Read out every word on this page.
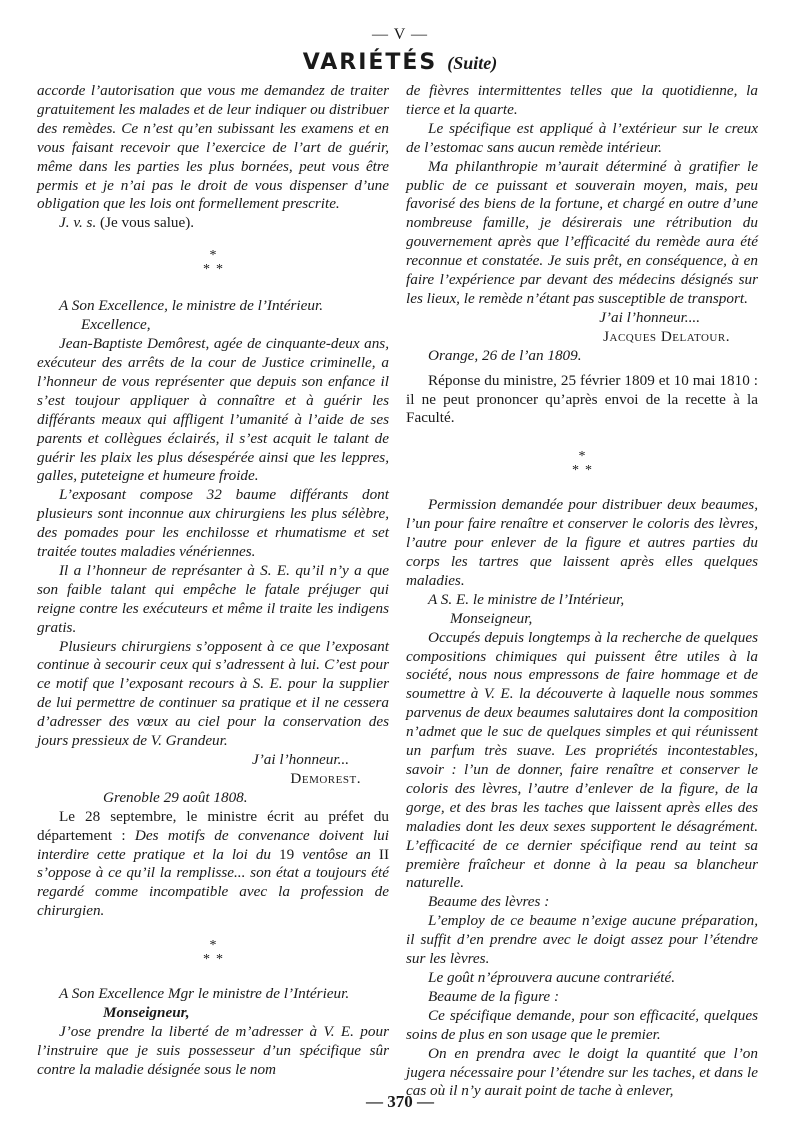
— V —
VARIÉTÉS (Suite)

accorde l’autorisation que vous me demandez de traiter gratuitement les malades et de leur indiquer ou distribuer des remèdes. Ce n’est qu’en subissant les examens et en vous faisant recevoir que l’exercice de l’art de guérir, même dans les parties les plus bornées, peut vous être permis et je n’ai pas le droit de vous dispenser d’une obligation que les lois ont formellement prescrite.

J. v. s. (Je vous salue).

*
**

A Son Excellence, le ministre de l’Intérieur.

Excellence,

Jean-Baptiste Demôrest, agée de cinquante-deux ans, exécuteur des arrêts de la cour de Justice criminelle, a l’honneur de vous représenter que depuis son enfance il s’est toujour appliquer à connaître et à guérir les différants meaux qui affligent l’umanité à l’aide de ses parents et collègues éclairés, il s’est acquit le talant de guérir les plaix les plus désespérée ainsi que les leppres, galles, puteteigne et humeure froide.

L’exposant compose 32 baume différants dont plusieurs sont inconnue aux chirurgiens les plus sélèbre, des pomades pour les enchilosse et rhumatisme et set traitée toutes maladies vénériennes.

Il a l’honneur de représanter à S. E. qu’il n’y a que son faible talant qui empêche le fatale préjuger qui reigne contre les exécuteurs et même il traite les indigens gratis.

Plusieurs chirurgiens s’opposent à ce que l’exposant continue à secourir ceux qui s’adressent à lui. C’est pour ce motif que l’exposant recours à S. E. pour la supplier de lui permettre de continuer sa pratique et il ne cessera d’adresser des vœux au ciel pour la conservation des jours pressieux de V. Grandeur.

J’ai l’honneur...

Demorest.

Grenoble 29 août 1808.

Le 28 septembre, le ministre écrit au préfet du département : Des motifs de convenance doivent lui interdire cette pratique et la loi du 19 ventôse an II s’oppose à ce qu’il la remplisse... son état a toujours été regardé comme incompatible avec la profession de chirurgien.

*
**

A Son Excellence Mgr le ministre de l’Intérieur.

Monseigneur,

J’ose prendre la liberté de m’adresser à V. E. pour l’instruire que je suis possesseur d’un spécifique sûr contre la maladie désignée sous le nom

de fièvres intermittentes telles que la quotidienne, la tierce et la quarte.

Le spécifique est appliqué à l’extérieur sur le creux de l’estomac sans aucun remède intérieur.

Ma philanthropie m’aurait déterminé à gratifier le public de ce puissant et souverain moyen, mais, peu favorisé des biens de la fortune, et chargé en outre d’une nombreuse famille, je désirerais une rétribution du gouvernement après que l’efficacité du remède aura été reconnue et constatée. Je suis prêt, en conséquence, à en faire l’expérience par devant des médecins désignés sur les lieux, le remède n’étant pas susceptible de transport.

J’ai l’honneur....

Jacques Delatour.

Orange, 26 de l’an 1809.

Réponse du ministre, 25 février 1809 et 10 mai 1810 : il ne peut prononcer qu’après envoi de la recette à la Faculté.

*
**

Permission demandée pour distribuer deux beaumes, l’un pour faire renaître et conserver le coloris des lèvres, l’autre pour enlever de la figure et autres parties du corps les tartres que laissent après elles quelques maladies.

A S. E. le ministre de l’Intérieur,

Monseigneur,

Occupés depuis longtemps à la recherche de quelques compositions chimiques qui puissent être utiles à la société, nous nous empressons de faire hommage et de soumettre à V. E. la découverte à laquelle nous sommes parvenus de deux beaumes salutaires dont la composition n’admet que le suc de quelques simples et qui réunissent un parfum très suave. Les propriétés incontestables, savoir : l’un de donner, faire renaître et conserver le coloris des lèvres, l’autre d’enlever de la figure, de la gorge, et des bras les taches que laissent après elles des maladies dont les deux sexes supportent le désagrément. L’efficacité de ce dernier spécifique rend au teint sa première fraîcheur et donne à la peau sa blancheur naturelle.

Beaume des lèvres :

L’employ de ce beaume n’exige aucune préparation, il suffit d’en prendre avec le doigt assez pour l’étendre sur les lèvres.

Le goût n’éprouvera aucune contrariété.

Beaume de la figure :

Ce spécifique demande, pour son efficacité, quelques soins de plus en son usage que le premier.

On en prendra avec le doigt la quantité que l’on jugera nécessaire pour l’étendre sur les taches, et dans le cas où il n’y aurait point de tache à enlever,

— 370 —
